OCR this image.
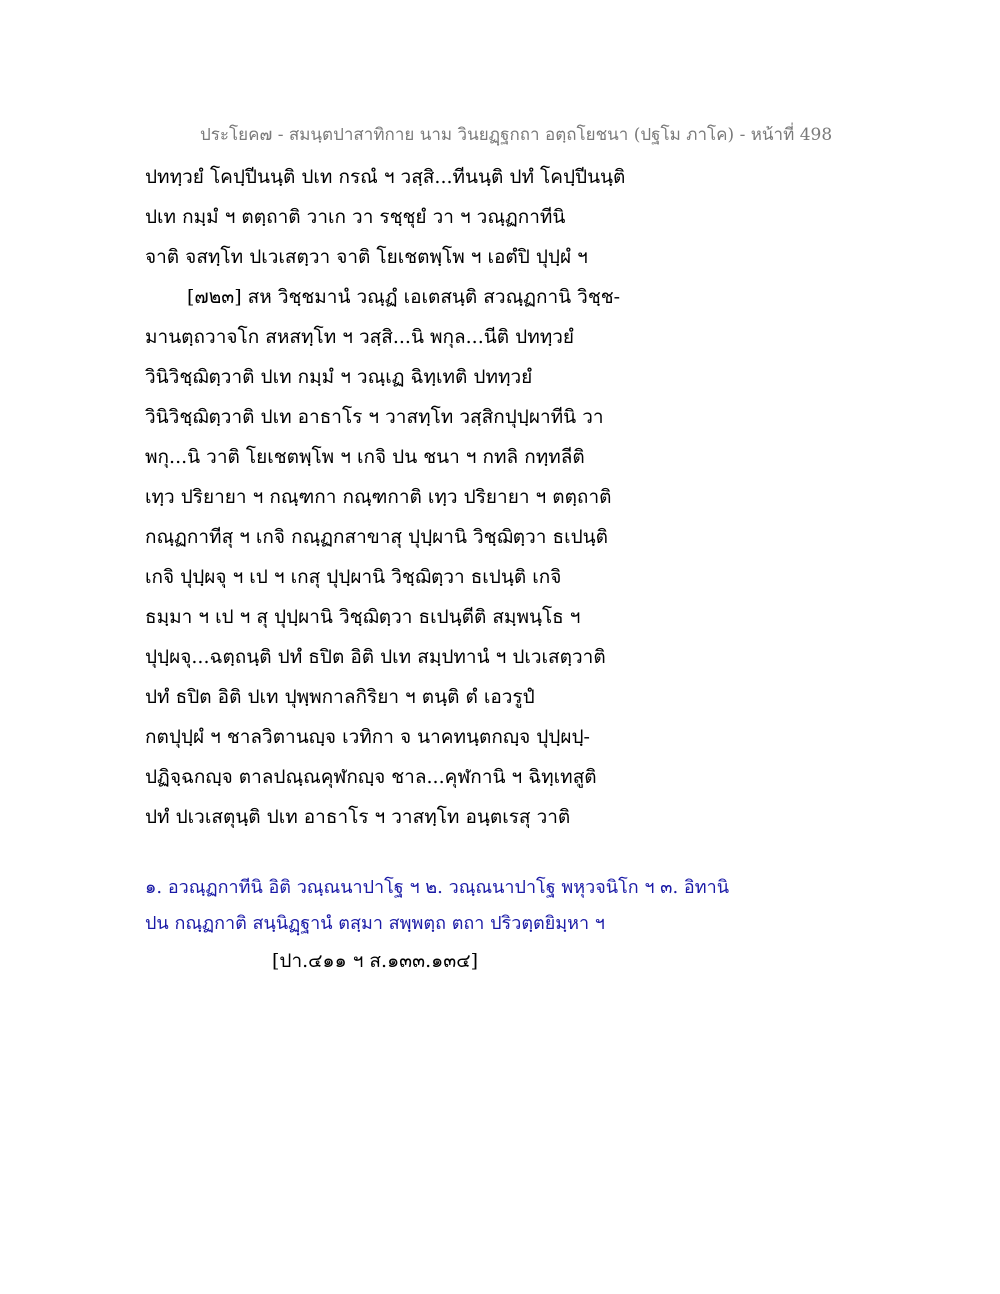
ประโยค๗ - สมนฺตปาสาทิกาย นาม วินยฏฺฐกถา อตฺถโยชนา (ปฐโม ภาโค) - หน้าที่ 498
ปททฺวยํ โคปฺปีนนฺติ ปเท กรณํ ฯ วสฺสิ...ทีนนฺติ ปทํ โคปฺปีนนฺติ
ปเท กมฺมํ ฯ ตตฺถาติ วาเก วา รชฺชุยํ วา ฯ วณฺฏกาทีนิ
จาติ จสทฺโท ปเวเสตฺวา จาติ โยเชตพฺโพ ฯ เอตํปิ ปุปฺผํ ฯ
[๗๒๓] สห วิชฺชมานํ วณฺฏํ เอเตสนฺติ สวณฺฏกานิ วิชฺช-
มานตฺถวาจโก สหสทฺโท ฯ วสฺสิ...นิ พกุล...นีติ ปททฺวยํ
วินิวิชฺฌิตฺวาติ ปเท กมฺมํ ฯ วณฺเฏ ฉิทฺเทติ ปททฺวยํ
วินิวิชฺฌิตฺวาติ ปเท อาธาโร ฯ วาสทฺโท วสฺสิกปุปฺผาทีนิ วา
พกุ...นิ วาติ โยเชตพฺโพ ฯ เกจิ ปน ชนา ฯ กทลิ กทฺทลีติ
เทฺว ปริยายา ฯ กณฺฑกา กณฺฑกาติ เทฺว ปริยายา ฯ ตตฺถาติ
กณฺฏกาทีสุ ฯ เกจิ กณฺฏกสาขาสุ ปุปฺผานิ วิชฺฌิตฺวา ธเปนฺติ
เกจิ ปุปฺผจุ ฯ เป ฯ เกสุ ปุปฺผานิ วิชฺฌิตฺวา ธเปนฺติ เกจิ
ธมฺมา ฯ เป ฯ สุ ปุปฺผานิ วิชฺฌิตฺวา ธเปนฺตีติ สมฺพนฺโธ ฯ
ปุปฺผจุ...ฉตฺถนฺติ ปทํ ธปิต อิติ ปเท สมฺปทานํ ฯ ปเวเสตฺวาติ
ปทํ ธปิต อิติ ปเท ปุพฺพกาลกิริยา ฯ ตนฺติ ตํ เอวรูปํ
กตปุปฺผํ ฯ ชาลวิตานญฺจ เวทิกา จ นาคทนฺตกญฺจ ปุปฺผปฺ-
ปฏิจฺฉกญฺจ ตาลปณฺณคุฬกญฺจ ชาล...คุฬกานิ ฯ ฉิทฺเทสูติ
ปทํ ปเวเสตุนฺติ ปเท อาธาโร ฯ วาสทฺโท อนฺตเรสุ วาติ
๑. อวณฺฏกาทีนิ อิติ วณฺณนาปาโฐ ฯ ๒. วณฺณนาปาโฐ พหุวจนิโก ฯ ๓. อิทานิ
ปน กณฺฏกาติ สนฺนิฏฺฐานํ ตสฺมา สพฺพตฺถ ตถา ปริวตฺตยิมฺหา ฯ
[ปา.๔๑๑ ฯ ส.๑๓๓.๑๓๔]
